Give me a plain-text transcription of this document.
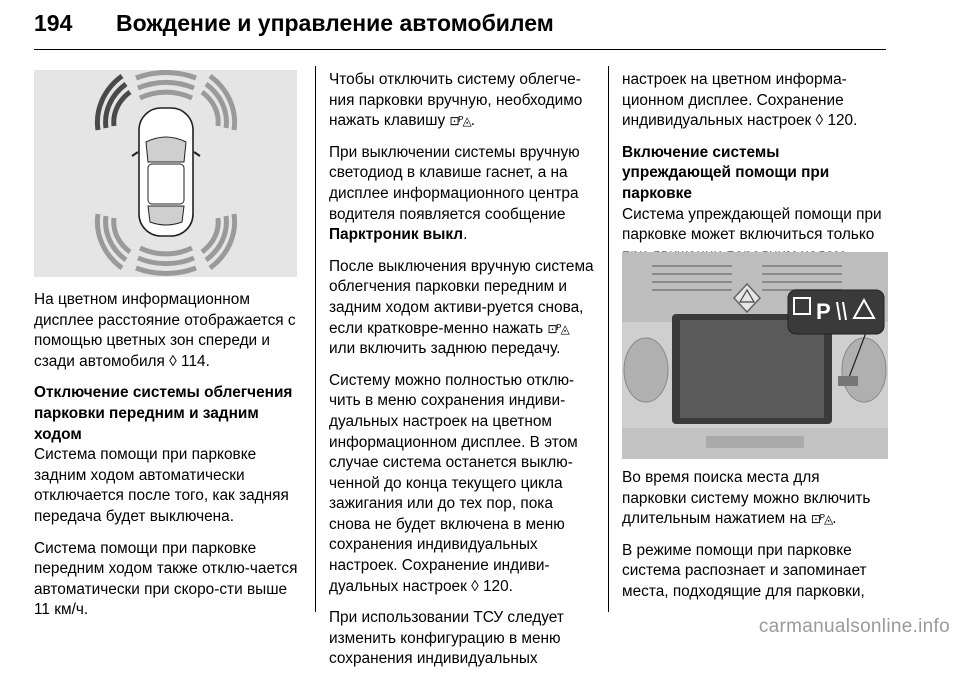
194 Вождение и управление автомобилем

На цветном информационном дисплее расстояние отображается с помощью цветных зон спереди и сзади автомобиля ◊ 114.

Отключение системы облегчения парковки передним и задним ходом

Система помощи при парковке задним ходом автоматически отключается после того, как задняя передача будет выключена.

Система помощи при парковке передним ходом также отклю-чается автоматически при скоро-сти выше 11 км/ч.

Чтобы отключить систему облегче-ния парковки вручную, необходимо нажать клавишу ⊡ᴾ◬.

При выключении системы вручную светодиод в клавише гаснет, а на дисплее информационного центра водителя появляется сообщение Парктроник выкл.

После выключения вручную система облегчения парковки передним и задним ходом активи-руется снова, если кратковре-менно нажать ⊡ᴾ◬ или включить заднюю передачу.

Систему можно полностью отклю-чить в меню сохранения индиви-дуальных настроек на цветном информационном дисплее. В этом случае система останется выклю-ченной до конца текущего цикла зажигания или до тех пор, пока снова не будет включена в меню сохранения индивидуальных настроек. Сохранение индиви-дуальных настроек ◊ 120.

При использовании ТСУ следует изменить конфигурацию в меню сохранения индивидуальных

настроек на цветном информа-ционном дисплее. Сохранение индивидуальных настроек ◊ 120.

Включение системы упреждающей помощи при парковке

Система упреждающей помощи при парковке может включиться только

P

Во время поиска места для парковки систему можно включить длительным нажатием на ⊡ᴾ◬.

В режиме помощи при парковке система распознает и запоминает места, подходящие для парковки,

carmanualsonline.info
